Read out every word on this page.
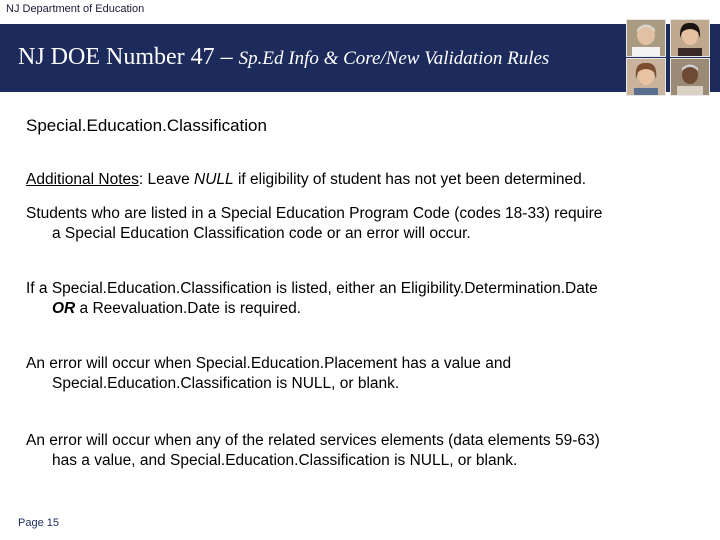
NJ Department of Education
NJ DOE Number 47 – Sp.Ed Info & Core/New Validation Rules
Special.Education.Classification
Additional Notes: Leave NULL if eligibility of student has not yet been determined.
Students who are listed in a Special Education Program Code (codes 18-33) require
a Special Education Classification code or an error will occur.
If a Special.Education.Classification is listed, either an Eligibility.Determination.Date
OR a Reevaluation.Date is required.
An error will occur when Special.Education.Placement has a value and
Special.Education.Classification is NULL, or blank.
An error will occur when any of the related services elements (data elements 59-63)
has a value, and Special.Education.Classification is NULL, or blank.
Page 15
